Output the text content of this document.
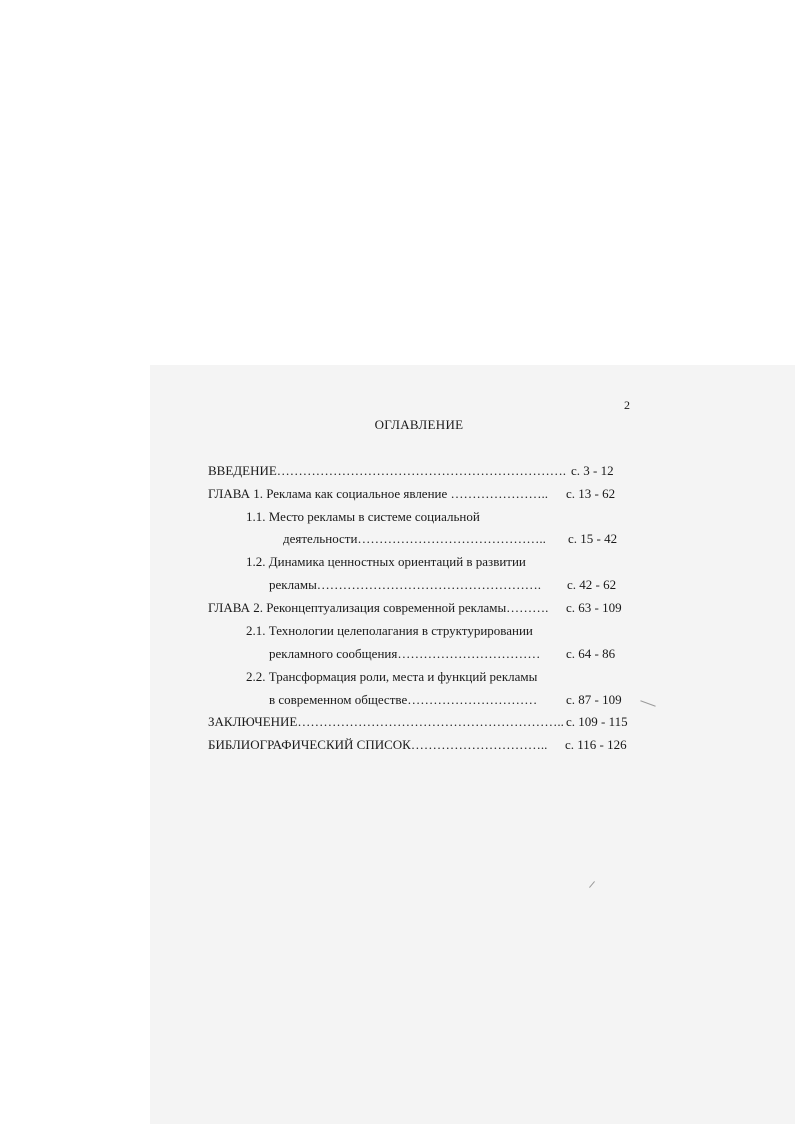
2
ОГЛАВЛЕНИЕ
ВВЕДЕНИЕ…………………………………………………………. с. 3 - 12
ГЛАВА 1. Реклама как социальное явление ………………….. с. 13 - 62
1.1. Место рекламы в системе социальной
деятельности…………………………………….. с. 15 - 42
1.2. Динамика ценностных ориентаций в развитии
рекламы……………………………………………. с. 42 - 62
ГЛАВА 2. Реконцептуализация современной рекламы………. с. 63 - 109
2.1. Технологии целеполагания в структурировании
рекламного сообщения…………………………… с. 64 - 86
2.2. Трансформация роли, места и функций рекламы
в современном обществе………………………… с. 87 - 109
ЗАКЛЮЧЕНИЕ…………………………………………………….. с. 109 - 115
БИБЛИОГРАФИЧЕСКИЙ СПИСОК………………………….. с. 116 - 126
